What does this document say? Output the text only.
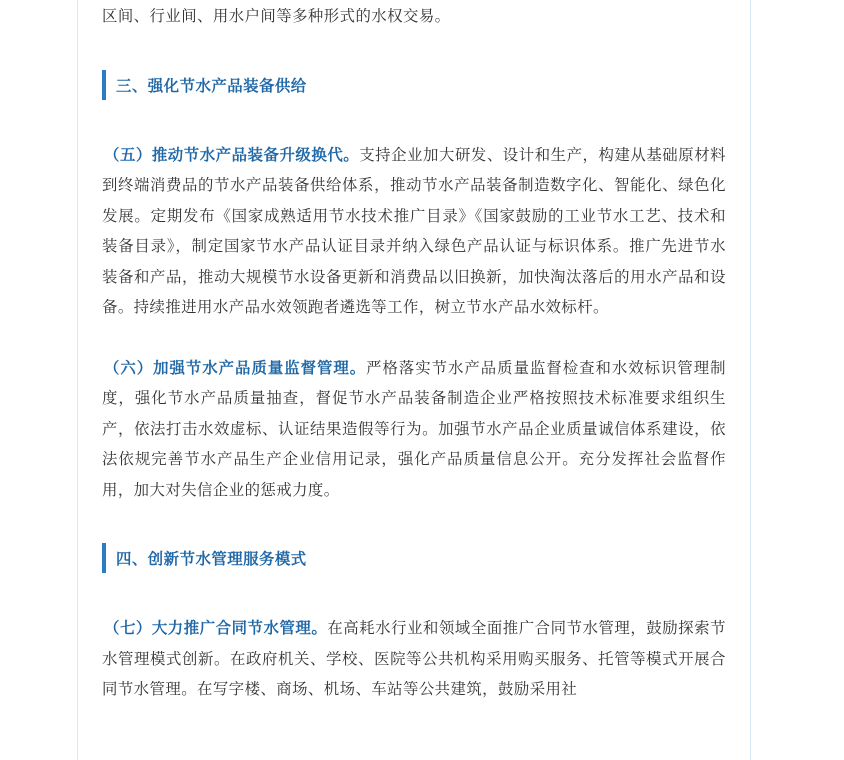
区间、行业间、用水户间等多种形式的水权交易。

三、强化节水产品装备供给

（五）推动节水产品装备升级换代。支持企业加大研发、设计和生产，构建从基础原材料到终端消费品的节水产品装备供给体系，推动节水产品装备制造数字化、智能化、绿色化发展。定期发布《国家成熟适用节水技术推广目录》《国家鼓励的工业节水工艺、技术和装备目录》，制定国家节水产品认证目录并纳入绿色产品认证与标识体系。推广先进节水装备和产品，推动大规模节水设备更新和消费品以旧换新，加快淘汰落后的用水产品和设备。持续推进用水产品水效领跑者遴选等工作，树立节水产品水效标杆。

（六）加强节水产品质量监督管理。严格落实节水产品质量监督检查和水效标识管理制度，强化节水产品质量抽查，督促节水产品装备制造企业严格按照技术标准要求组织生产，依法打击水效虚标、认证结果造假等行为。加强节水产品企业质量诚信体系建设，依法依规完善节水产品生产企业信用记录，强化产品质量信息公开。充分发挥社会监督作用，加大对失信企业的惩戒力度。

四、创新节水管理服务模式

（七）大力推广合同节水管理。在高耗水行业和领域全面推广合同节水管理，鼓励探索节水管理模式创新。在政府机关、学校、医院等公共机构采用购买服务、托管等模式开展合同节水管理。在写字楼、商场、机场、车站等公共建筑，鼓励采用社
